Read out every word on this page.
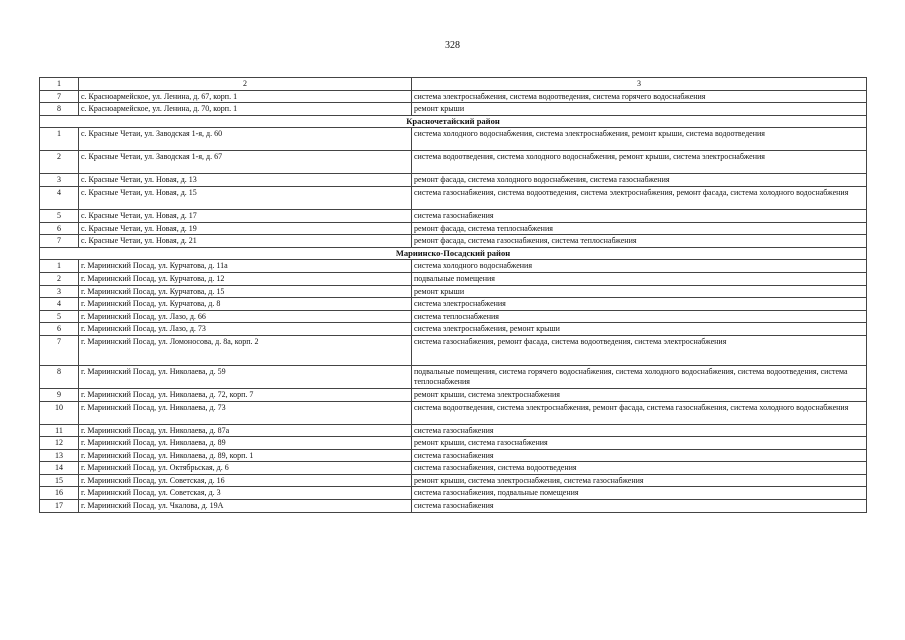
328
1	2	3
7	с. Красноармейское, ул. Ленина, д. 67, корп. 1	система электроснабжения, система водоотведения, система горячего водоснабжения
8	с. Красноармейское, ул. Ленина, д. 70, корп. 1	ремонт крыши
Красночетайский район		
1	с. Красные Четаи, ул. Заводская 1-я, д. 60	система холодного водоснабжения, система электроснабжения, ремонт крыши, система водоотведения
2	с. Красные Четаи, ул. Заводская 1-я, д. 67	система водоотведения, система холодного водоснабжения, ремонт крыши, система электроснабжения
3	с. Красные Четаи, ул. Новая, д. 13	ремонт фасада, система холодного водоснабжения, система газоснабжения
4	с. Красные Четаи, ул. Новая, д. 15	система газоснабжения, система водоотведения, система электроснабжения, ремонт фасада, система холодного водоснабжения
5	с. Красные Четаи, ул. Новая, д. 17	система газоснабжения
6	с. Красные Четаи, ул. Новая, д. 19	ремонт фасада, система теплоснабжения
7	с. Красные Четаи, ул. Новая, д. 21	ремонт фасада, система газоснабжения, система теплоснабжения
Мариинско-Посадский район		
1	г. Мариинский Посад, ул. Курчатова, д. 11а	система холодного водоснабжения
2	г. Мариинский Посад, ул. Курчатова, д. 12	подвальные помещения
3	г. Мариинский Посад, ул. Курчатова, д. 15	ремонт крыши
4	г. Мариинский Посад, ул. Курчатова, д. 8	система электроснабжения
5	г. Мариинский Посад, ул. Лазо, д. 66	система теплоснабжения
6	г. Мариинский Посад, ул. Лазо, д. 73	система электроснабжения, ремонт крыши
7	г. Мариинский Посад, ул. Ломоносова, д. 8а, корп. 2	система газоснабжения, ремонт фасада, система водоотведения, система электроснабжения
8	г. Мариинский Посад, ул. Николаева, д. 59	подвальные помещения, система горячего водоснабжения, система холодного водоснабжения, система водоотведения, система теплоснабжения
9	г. Мариинский Посад, ул. Николаева, д. 72, корп. 7	ремонт крыши, система электроснабжения
10	г. Мариинский Посад, ул. Николаева, д. 73	система водоотведения, система электроснабжения, ремонт фасада, система газоснабжения, система холодного водоснабжения
11	г. Мариинский Посад, ул. Николаева, д. 87а	система газоснабжения
12	г. Мариинский Посад, ул. Николаева, д. 89	ремонт крыши, система газоснабжения
13	г. Мариинский Посад, ул. Николаева, д. 89, корп. 1	система газоснабжения
14	г. Мариинский Посад, ул. Октябрьская, д. 6	система газоснабжения, система водоотведения
15	г. Мариинский Посад, ул. Советская, д. 16	ремонт крыши, система электроснабжения, система газоснабжения
16	г. Мариинский Посад, ул. Советская, д. 3	система газоснабжения, подвальные помещения
17	г. Мариинский Посад, ул. Чкалова, д. 19А	система газоснабжения
